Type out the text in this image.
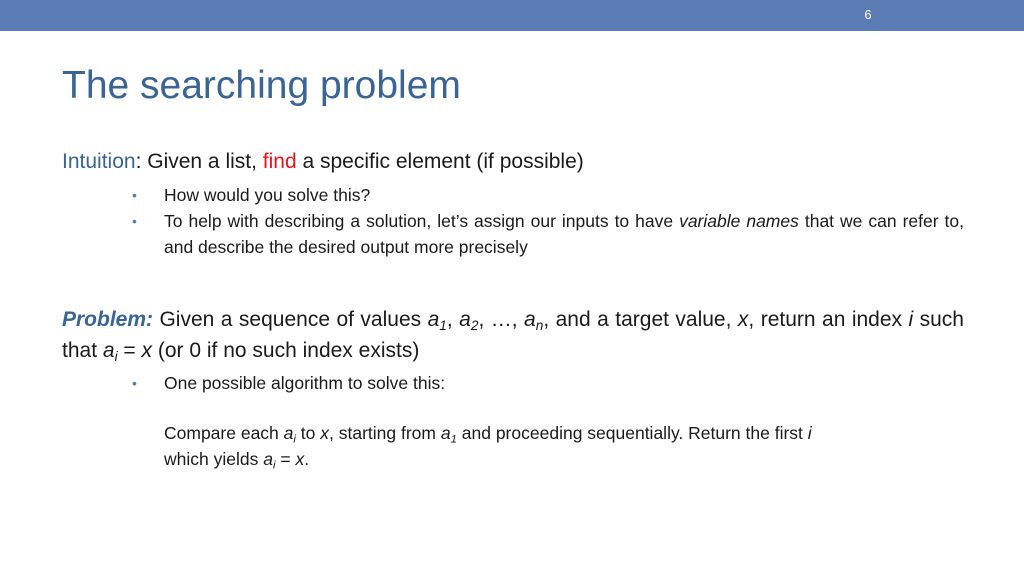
6
The searching problem
Intuition: Given a list, find a specific element (if possible)
• How would you solve this?
• To help with describing a solution, let’s assign our inputs to have variable names that we can refer to, and describe the desired output more precisely
Problem: Given a sequence of values $a_1$, $a_2$, …, $a_n$, and a target value, x, return an index i such that $a_i = x$ (or 0 if no such index exists)
• One possible algorithm to solve this:
Compare each $a_i$ to x, starting from $a_1$ and proceeding sequentially. Return the first i
which yields $a_i = x$.
